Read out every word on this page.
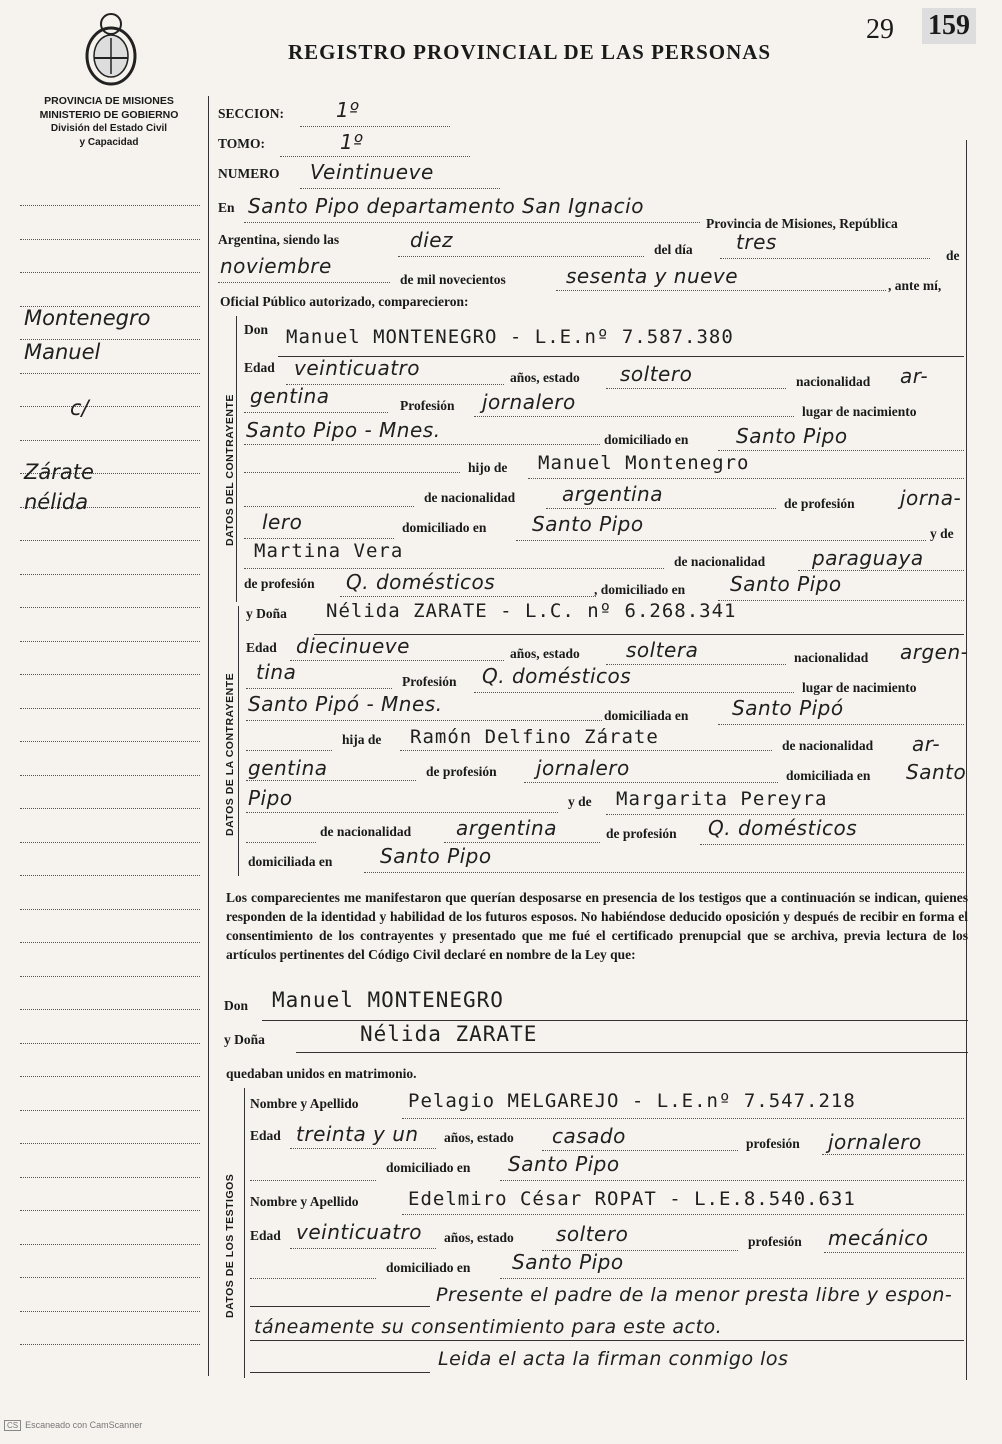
PROVINCIA DE MISIONES
MINISTERIO DE GOBIERNO
División del Estado Civil
y Capacidad
REGISTRO PROVINCIAL DE LAS PERSONAS
29 159
Montenegro
Manuel
c/
Zárate
nélida
SECCION:	1º
TOMO:	1º
NUMERO Veintinueve
En Santo Pipo departamento San Ignacio
Provincia de Misiones, República
Argentina, siendo las	diez	del día tres
de
noviembre
de mil novecientos	sesenta y nueve	, ante mí,
Oficial Público autorizado, comparecieron:
DATOS DEL CONTRAYENTE
Don Manuel MONTENEGRO - L.E.nº 7.587.380
Edad veinticuatro	años, estado soltero	nacionalidad ar-
gentina	Profesión jornalero	lugar de nacimiento
Santo Pipo - Mnes.	domiciliado en Santo Pipo
hijo de Manuel Montenegro
de nacionalidad argentina	de profesión jorna-
lero	domiciliado en Santo Pipo	y de
Martina Vera	de nacionalidad paraguaya
de profesión Q. domésticos	, domiciliado en Santo Pipo
DATOS DE LA CONTRAYENTE
y Doña Nélida ZARATE - L.C. nº 6.268.341
Edad diecinueve	años, estado soltera	nacionalidad argen-
tina	Profesión Q. domésticos	lugar de nacimiento
Santo Pipó - Mnes.	domiciliada en Santo Pipó
hija de Ramón Delfino Zárate	de nacionalidad ar-
gentina	de profesión jornalero	domiciliada en Santo
Pipo	y de Margarita Pereyra
de nacionalidad argentina	de profesión Q. domésticos
domiciliada en Santo Pipo
Los comparecientes me manifestaron que querían desposarse en presencia de los testigos que a continuación se indican, quienes responden de la identidad y habilidad de los futuros esposos. No habiéndose deducido oposición y después de recibir en forma el consentimiento de los contrayentes y presentado que me fué el certificado prenupcial que se archiva, previa lectura de los artículos pertinentes del Código Civil declaré en nombre de la Ley que:
Don Manuel MONTENEGRO
y Doña	Nélida ZARATE
quedaban unidos en matrimonio.
DATOS DE LOS TESTIGOS
Nombre y Apellido	Pelagio MELGAREJO - L.E.nº 7.547.218
Edad treinta y un años, estado casado	profesión jornalero
domiciliado en Santo Pipo
Nombre y Apellido	Edelmiro César ROPAT - L.E.8.540.631
Edad veinticuatro años, estado soltero	profesión mecánico
domiciliado en Santo Pipo
Presente el padre de la menor presta libre y espon-
táneamente su consentimiento para este acto.
Leida el acta la firman conmigo los
CS Escaneado con CamScanner
